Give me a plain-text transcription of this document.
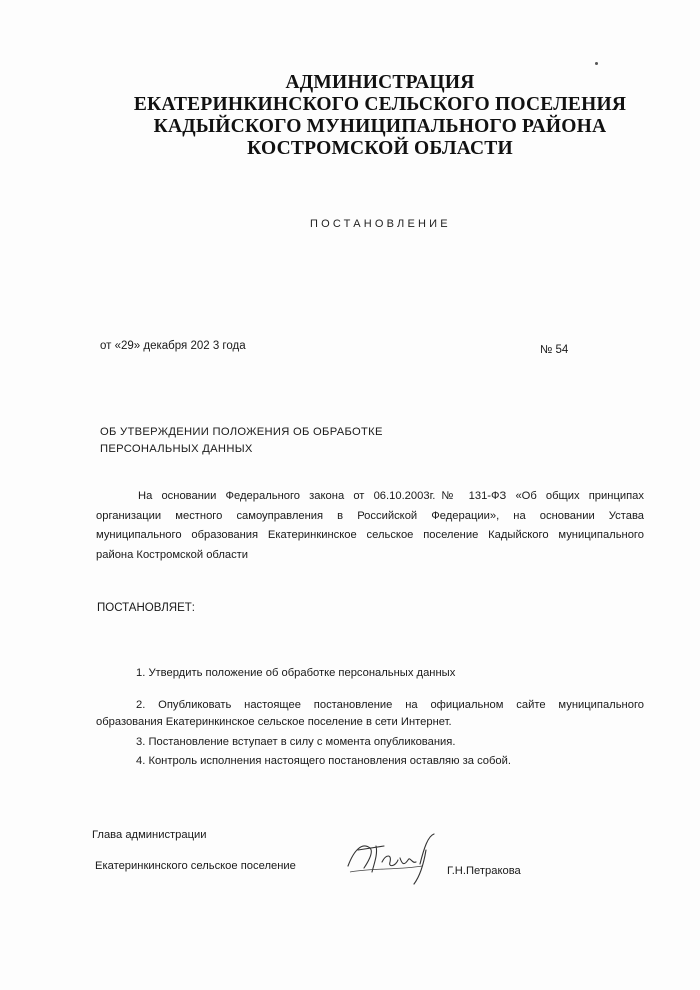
АДМИНИСТРАЦИЯ
ЕКАТЕРИНКИНСКОГО СЕЛЬСКОГО ПОСЕЛЕНИЯ
КАДЫЙСКОГО МУНИЦИПАЛЬНОГО РАЙОНА
КОСТРОМСКОЙ ОБЛАСТИ
ПОСТАНОВЛЕНИЕ
от «29» декабря 202 3 года	№ 54
ОБ УТВЕРЖДЕНИИ ПОЛОЖЕНИЯ ОБ ОБРАБОТКЕ
ПЕРСОНАЛЬНЫХ ДАННЫХ
На основании Федерального закона от 06.10.2003г.№ 131-ФЗ «Об общих принципах организации местного самоуправления в Российской Федерации», на основании Устава муниципального образования Екатеринкинское сельское поселение Кадыйского муниципального района Костромской области
ПОСТАНОВЛЯЕТ:
1. Утвердить положение об обработке персональных данных
2. Опубликовать настоящее постановление на официальном сайте муниципального образования Екатеринкинское сельское поселение в сети Интернет.
3. Постановление вступает в силу с момента опубликования.
4. Контроль исполнения настоящего постановления оставляю за собой.
Глава администрации
Екатеринкинского сельское поселение	Г.Н.Петракова
